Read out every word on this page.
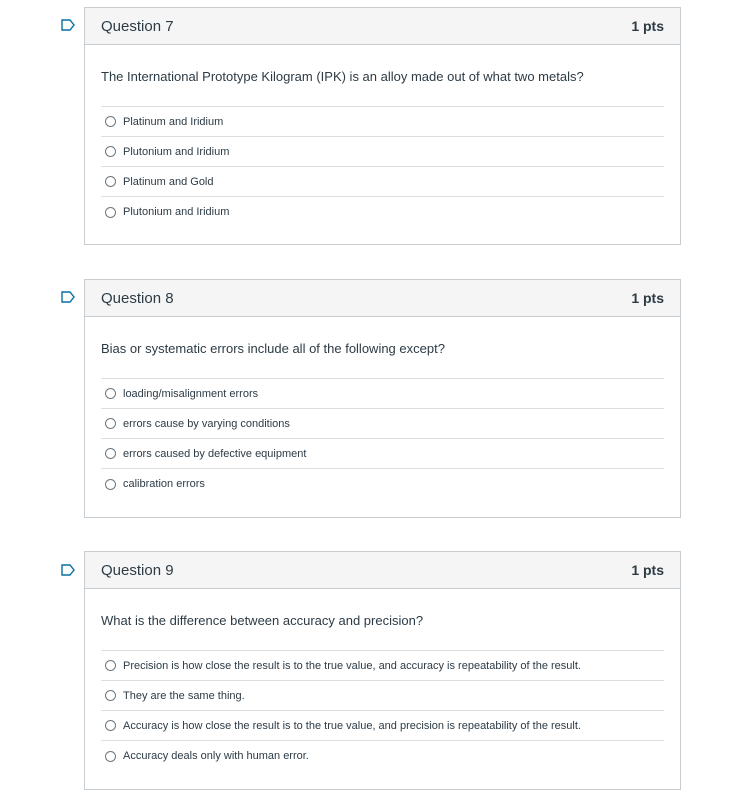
Question 7	1 pts
The International Prototype Kilogram (IPK) is an alloy made out of what two metals?
Platinum and Iridium
Plutonium and Iridium
Platinum and Gold
Plutonium and Iridium
Question 8	1 pts
Bias or systematic errors include all of the following except?
loading/misalignment errors
errors cause by varying conditions
errors caused by defective equipment
calibration errors
Question 9	1 pts
What is the difference between accuracy and precision?
Precision is how close the result is to the true value, and accuracy is repeatability of the result.
They are the same thing.
Accuracy is how close the result is to the true value, and precision is repeatability of the result.
Accuracy deals only with human error.
